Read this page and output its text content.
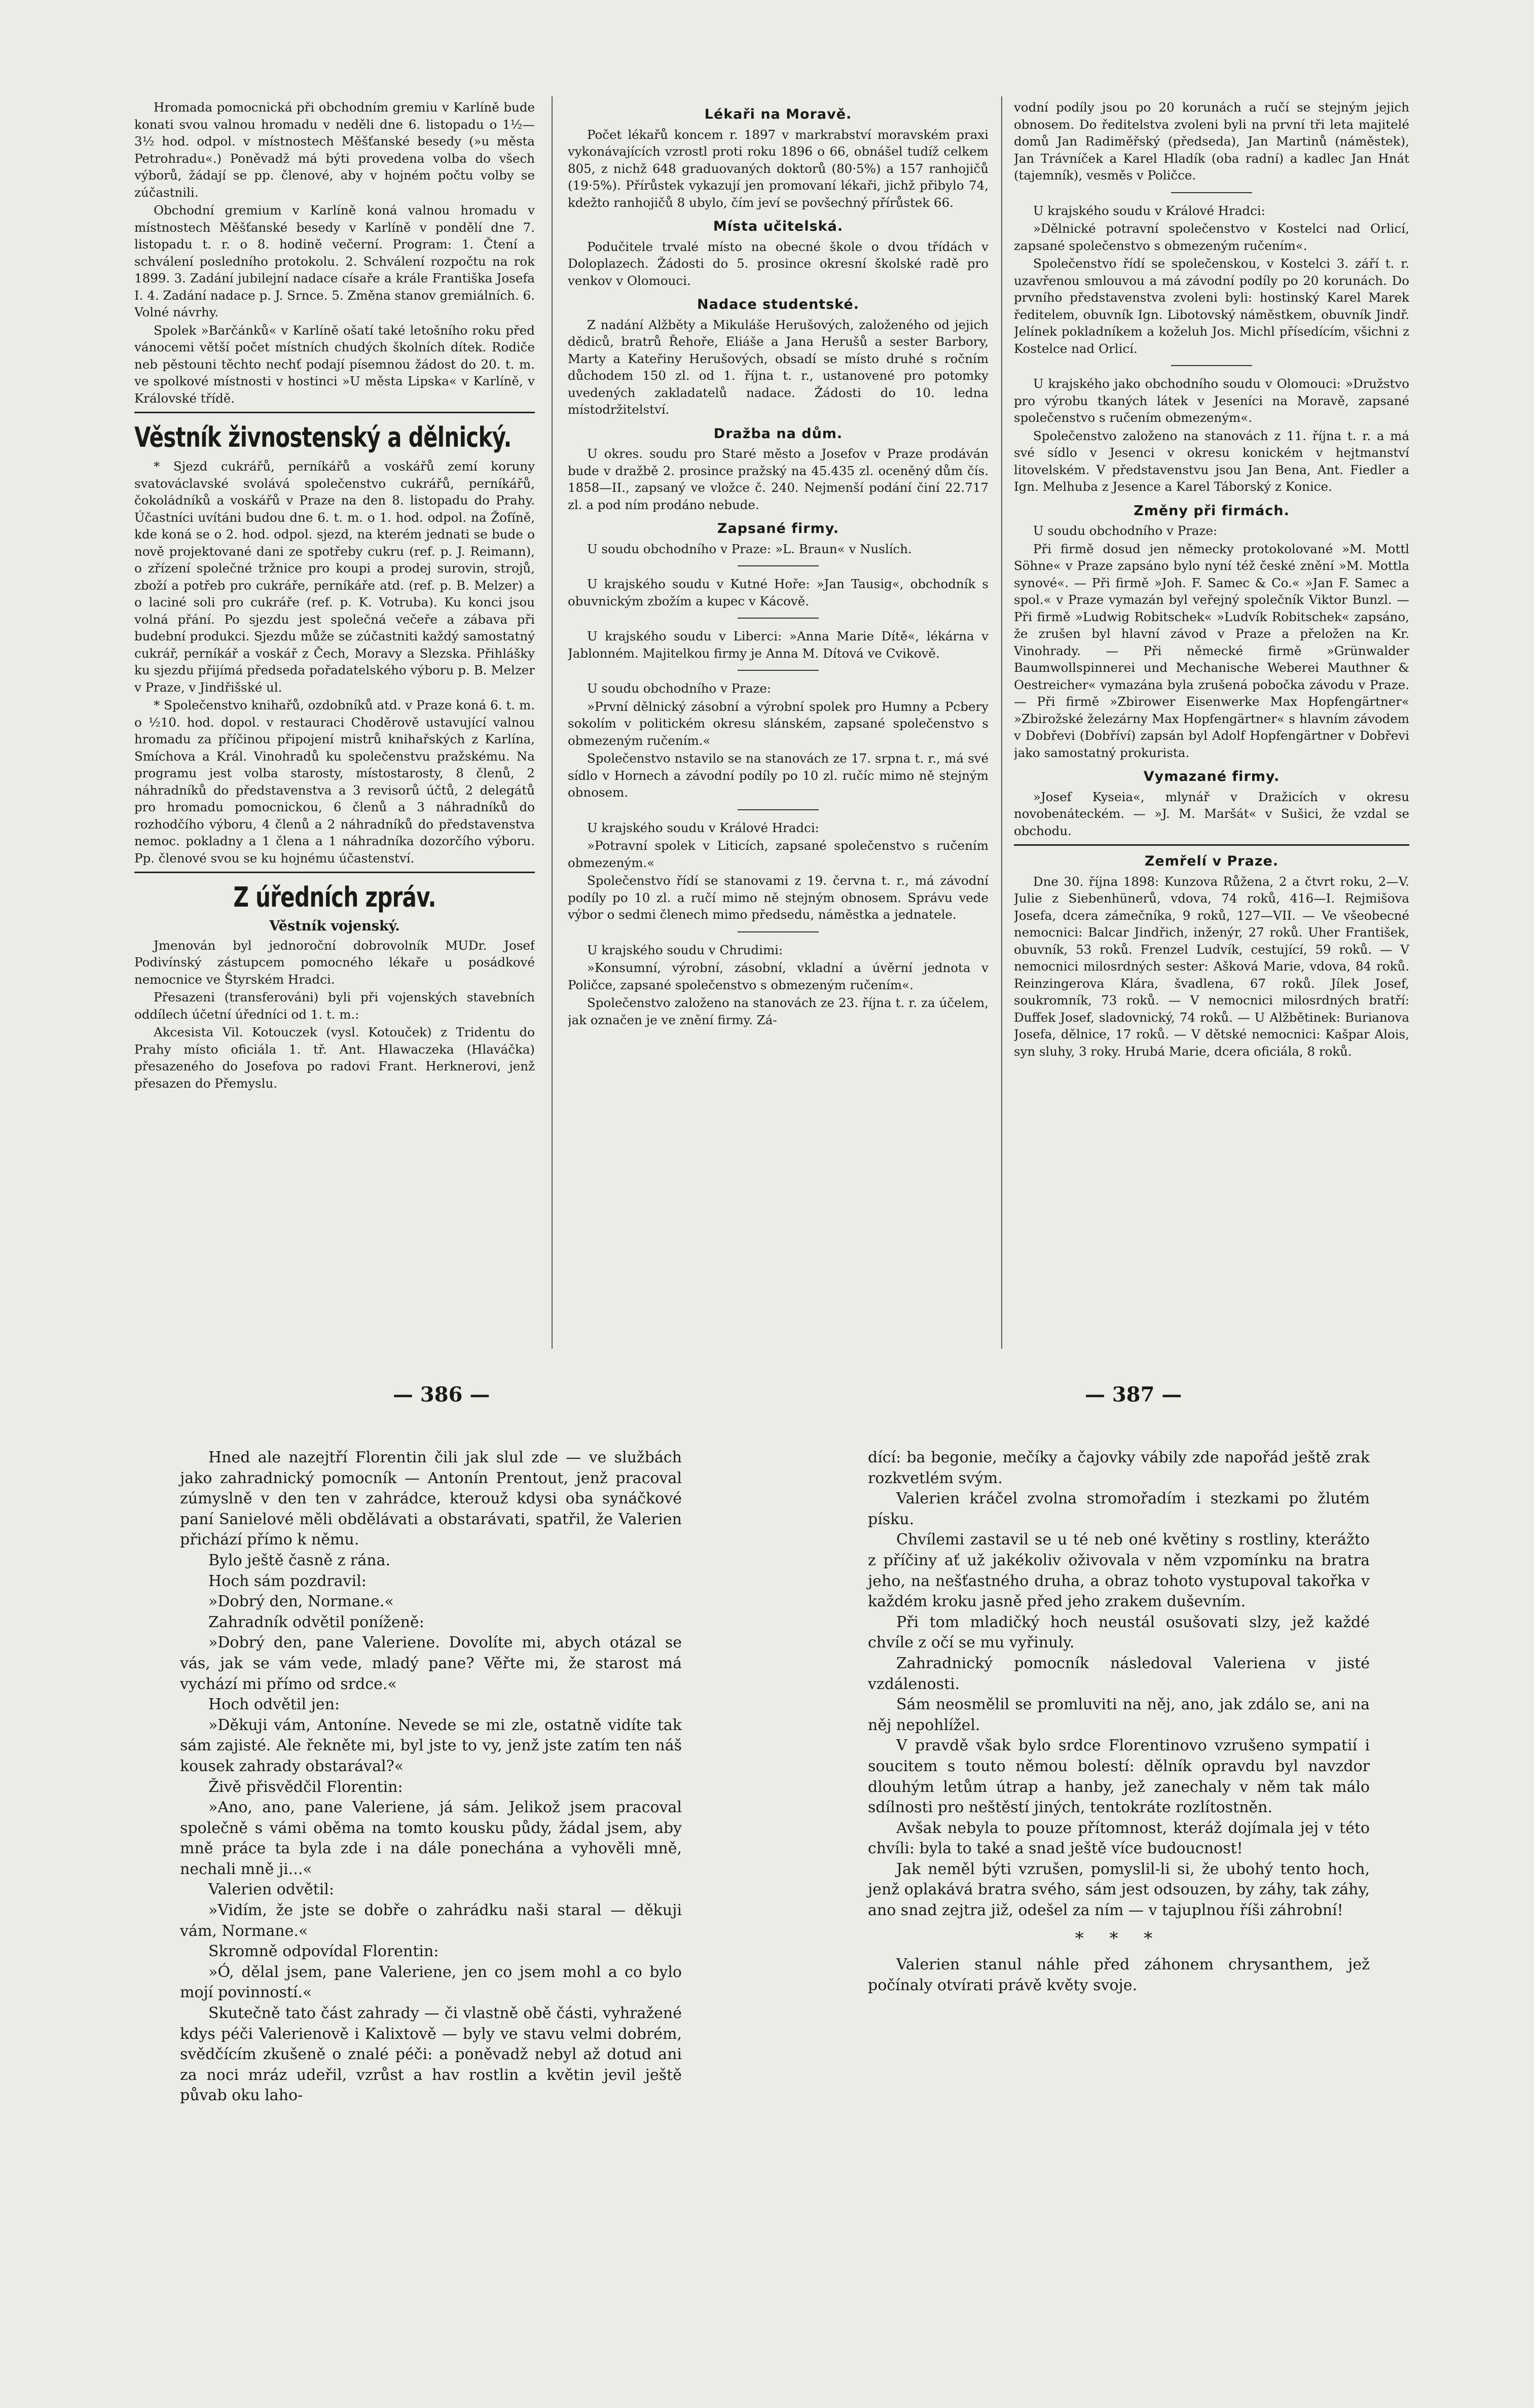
Hromada pomocnická při obchodním gremiu v Karlíně bude konati svou valnou hromadu v neděli dne 6. listopadu o 1½—3½ hod. odpol. v místnostech Měšťanské besedy (»u města Petrohradu«.) Poněvadž má býti provedena volba do všech výborů, žádají se pp. členové, aby v hojném počtu volby se zúčastnili.

Obchodní gremium v Karlíně koná valnou hromadu v místnostech Měšťanské besedy v Karlíně v pondělí dne 7. listopadu t. r. o 8. hodině večerní. Program: 1. Čtení a schválení posledního protokolu. 2. Schválení rozpočtu na rok 1899. 3. Zadání jubilejní nadace císaře a krále Františka Josefa I. 4. Zadání nadace p. J. Srnce. 5. Změna stanov gremiálních. 6. Volné návrhy.

Spolek »Barčánků« v Karlíně ošatí také letošního roku před vánocemi větší počet místních chudých školních dítek. Rodiče neb pěstouni těchto nechť podají písemnou žádost do 20. t. m. ve spolkové místnosti v hostinci »U města Lipska« v Karlíně, v Královské třídě.

Věstník živnostenský a dělnický.

* Sjezd cukrářů, perníkářů a voskářů zemí koruny svatováclavské svolává společenstvo cukrářů, perníkářů, čokoládníků a voskářů v Praze na den 8. listopadu do Prahy. Účastníci uvítáni budou dne 6. t. m. o 1. hod. odpol. na Žofíně, kde koná se o 2. hod. odpol. sjezd, na kterém jednati se bude o nově projektované dani ze spotřeby cukru (ref. p. J. Reimann), o zřízení společné tržnice pro koupi a prodej surovin, strojů, zboží a potřeb pro cukráře, perníkáře atd. (ref. p. B. Melzer) a o laciné soli pro cukráře (ref. p. K. Votruba). Ku konci jsou volná přání. Po sjezdu jest společná večeře a zábava při budební produkci. Sjezdu může se zúčastniti každý samostatný cukrář, perníkář a voskář z Čech, Moravy a Slezska. Přihlášky ku sjezdu přijímá předseda pořadatelského výboru p. B. Melzer v Praze, v Jindřišské ul.

* Společenstvo knihařů, ozdobníků atd. v Praze koná 6. t. m. o ½10. hod. dopol. v restauraci Choděrově ustavující valnou hromadu za příčinou připojení mistrů knihařských z Karlína, Smíchova a Král. Vinohradů ku společenstvu pražskému. Na programu jest volba starosty, místostarosty, 8 členů, 2 náhradníků do představenstva a 3 revisorů účtů, 2 delegátů pro hromadu pomocnickou, 6 členů a 3 náhradníků do rozhodčího výboru, 4 členů a 2 náhradníků do představenstva nemoc. pokladny a 1 člena a 1 náhradníka dozorčího výboru. Pp. členové svou se ku hojnému účastenství.

Z úředních zpráv.
Věstník vojenský.

Jmenován byl jednoroční dobrovolník MUDr. Josef Podivínský zástupcem pomocného lékaře u posádkové nemocnice ve Štyrském Hradci.

Přesazeni (transferováni) byli při vojenských stavebních oddílech účetní úředníci od 1. t. m.:

Akcesista Vil. Kotouczek (vysl. Kotouček) z Tridentu do Prahy místo oficiála 1. tř. Ant. Hlawaczeka (Hlaváčka) přesazeného do Josefova po radovi Frant. Herknerovi, jenž přesazen do Přemyslu.

Lékaři na Moravě.

Počet lékařů koncem r. 1897 v markrabství moravském praxi vykonávajících vzrostl proti roku 1896 o 66, obnášel tudíž celkem 805, z nichž 648 graduovaných doktorů (80·5%) a 157 ranhojičů (19·5%). Přírůstek vykazují jen promovaní lékaři, jichž přibylo 74, kdežto ranhojičů 8 ubylo, čím jeví se povšechný přírůstek 66.

Místa učitelská.

Podučitele trvalé místo na obecné škole o dvou třídách v Doloplazech. Žádosti do 5. prosince okresní školské radě pro venkov v Olomouci.

Nadace studentské.

Z nadání Alžběty a Mikuláše Herušových, založeného od jejich dědiců, bratrů Řehoře, Eliáše a Jana Herušů a sester Barbory, Marty a Kateřiny Herušových, obsadí se místo druhé s ročním důchodem 150 zl. od 1. října t. r., ustanovené pro potomky uvedených zakladatelů nadace. Žádosti do 10. ledna místodržitelství.

Dražba na dům.

U okres. soudu pro Staré město a Josefov v Praze prodáván bude v dražbě 2. prosince pražský na 45.435 zl. oceněný dům čís. 1858—II., zapsaný ve vložce č. 240. Nejmenší podání činí 22.717 zl. a pod ním prodáno nebude.

Zapsané firmy.

U soudu obchodního v Praze: »L. Braun« v Nuslích.

U krajského soudu v Kutné Hoře: »Jan Tausig«, obchodník s obuvnickým zbožím a kupec v Kácově.

U krajského soudu v Liberci: »Anna Marie Dítě«, lékárna v Jablonném. Majitelkou firmy je Anna M. Dítová ve Cvikově.

U soudu obchodního v Praze:

»První dělnický zásobní a výrobní spolek pro Humny a Pcbery sokolím v politickém okresu slánském, zapsané společenstvo s obmezeným ručením.«

Společenstvo nstavilo se na stanovách ze 17. srpna t. r., má své sídlo v Hornech a závodní podíly po 10 zl. ručíc mimo ně stejným obnosem.

U krajského soudu v Králové Hradci:

»Potravní spolek v Liticích, zapsané společenstvo s ručením obmezeným.«

Společenstvo řídí se stanovami z 19. června t. r., má závodní podíly po 10 zl. a ručí mimo ně stejným obnosem. Správu vede výbor o sedmi členech mimo předsedu, náměstka a jednatele.

U krajského soudu v Chrudimi:

»Konsumní, výrobní, zásobní, vkladní a úvěrní jednota v Poličce, zapsané společenstvo s obmezeným ručením«.

Společenstvo založeno na stanovách ze 23. října t. r. za účelem, jak označen je ve znění firmy. Zá-

vodní podíly jsou po 20 korunách a ručí se stejným jejich obnosem. Do ředitelstva zvoleni byli na první tři leta majitelé domů Jan Radiměřský (předseda), Jan Martinů (náměstek), Jan Trávníček a Karel Hladík (oba radní) a kadlec Jan Hnát (tajemník), vesměs v Poličce.

U krajského soudu v Králové Hradci:

»Dělnické potravní společenstvo v Kostelci nad Orlicí, zapsané společenstvo s obmezeným ručením«.

Společenstvo řídí se společenskou, v Kostelci 3. září t. r. uzavřenou smlouvou a má závodní podíly po 20 korunách. Do prvního představenstva zvoleni byli: hostinský Karel Marek ředitelem, obuvník Ign. Libotovský náměstkem, obuvník Jindř. Jelínek pokladníkem a koželuh Jos. Michl přísedícím, všichni z Kostelce nad Orlicí.

U krajského jako obchodního soudu v Olomouci: »Družstvo pro výrobu tkaných látek v Jeseníci na Moravě, zapsané společenstvo s ručením obmezeným«.

Společenstvo založeno na stanovách z 11. října t. r. a má své sídlo v Jesenci v okresu konickém v hejtmanství litovelském. V představenstvu jsou Jan Bena, Ant. Fiedler a Ign. Melhuba z Jesence a Karel Táborský z Konice.

Změny při firmách.

U soudu obchodního v Praze:

Při firmě dosud jen německy protokolované »M. Mottl Söhne« v Praze zapsáno bylo nyní též české znění »M. Mottla synové«. — Při firmě »Joh. F. Samec & Co.« »Jan F. Samec a spol.« v Praze vymazán byl veřejný společník Viktor Bunzl. — Při firmě »Ludwig Robitschek« »Ludvík Robitschek« zapsáno, že zrušen byl hlavní závod v Praze a přeložen na Kr. Vinohrady. — Při německé firmě »Grünwalder Baumwollspinnerei und Mechanische Weberei Mauthner & Oestreicher« vymazána byla zrušená pobočka závodu v Praze. — Při firmě »Zbirower Eisenwerke Max Hopfengärtner« »Zbirožské železárny Max Hopfengärtner« s hlavním závodem v Dobřevi (Dobříví) zapsán byl Adolf Hopfengärtner v Dobřevi jako samostatný prokurista.

Vymazané firmy.

»Josef Kyseia«, mlynář v Dražicích v okresu novobenáteckém. — »J. M. Maršát« v Sušici, že vzdal se obchodu.

Zemřelí v Praze.

Dne 30. října 1898: Kunzova Růžena, 2 a čtvrt roku, 2—V. Julie z Siebenhünerů, vdova, 74 roků, 416—I. Rejmišova Josefa, dcera zámečníka, 9 roků, 127—VII. — Ve všeobecné nemocnici: Balcar Jindřich, inženýr, 27 roků. Uher František, obuvník, 53 roků. Frenzel Ludvík, cestující, 59 roků. — V nemocnici milosrdných sester: Ašková Marie, vdova, 84 roků. Reinzingerova Klára, švadlena, 67 roků. Jílek Josef, soukromník, 73 roků. — V nemocnici milosrdných bratří: Duffek Josef, sladovnický, 74 roků. — U Alžbětinek: Burianova Josefa, dělnice, 17 roků. — V dětské nemocnici: Kašpar Alois, syn sluhy, 3 roky. Hrubá Marie, dcera oficiála, 8 roků.

— 386 —	— 387 —

Hned ale nazejtří Florentin čili jak slul zde — ve službách jako zahradnický pomocník — Antonín Prentout, jenž pracoval zúmyslně v den ten v zahrádce, kterouž kdysi oba synáčkové paní Sanielové měli obdělávati a obstarávati, spatřil, že Valerien přichází přímo k němu.

Bylo ještě časně z rána.

Hoch sám pozdravil:

»Dobrý den, Normane.«

Zahradník odvětil poníženě:

»Dobrý den, pane Valeriene. Dovolíte mi, abych otázal se vás, jak se vám vede, mladý pane? Věřte mi, že starost má vychází mi přímo od srdce.«

Hoch odvětil jen:

»Děkuji vám, Antoníne. Nevede se mi zle, ostatně vidíte tak sám zajisté. Ale řekněte mi, byl jste to vy, jenž jste zatím ten náš kousek zahrady obstarával?«

Živě přisvědčil Florentin:

»Ano, ano, pane Valeriene, já sám. Jelikož jsem pracoval společně s vámi oběma na tomto kousku půdy, žádal jsem, aby mně práce ta byla zde i na dále ponechána a vyhověli mně, nechali mně ji...«

Valerien odvětil:

»Vidím, že jste se dobře o zahrádku naši staral — děkuji vám, Normane.«

Skromně odpovídal Florentin:

»Ó, dělal jsem, pane Valeriene, jen co jsem mohl a co bylo mojí povinností.«

Skutečně tato část zahrady — či vlastně obě části, vyhražené kdys péči Valerienově i Kalixtově — byly ve stavu velmi dobrém, svědčícím zkušeně o znalé péči: a poněvadž nebyl až dotud ani za noci mráz udeřil, vzrůst a hav rostlin a květin jevil ještě půvab oku laho-

dící: ba begonie, mečíky a čajovky vábily zde napořád ještě zrak rozkvetlém svým.

Valerien kráčel zvolna stromořadím i stezkami po žlutém písku.

Chvílemi zastavil se u té neb oné květiny s rostliny, kterážto z příčiny ať už jakékoliv oživovala v něm vzpomínku na bratra jeho, na nešťastného druha, a obraz tohoto vystupoval takořka v každém kroku jasně před jeho zrakem duševním.

Při tom mladičký hoch neustál osušovati slzy, jež každé chvíle z očí se mu vyřinuly.

Zahradnický pomocník následoval Valeriena v jisté vzdálenosti.

Sám neosmělil se promluviti na něj, ano, jak zdálo se, ani na něj nepohlížel.

V pravdě však bylo srdce Florentinovo vzrušeno sympatií i soucitem s touto němou bolestí: dělník opravdu byl navzdor dlouhým letům útrap a hanby, jež zanechaly v něm tak málo sdílnosti pro neštěstí jiných, tentokráte rozlítostněn.

Avšak nebyla to pouze přítomnost, kteráž dojímala jej v této chvíli: byla to také a snad ještě více budoucnost!

Jak neměl býti vzrušen, pomyslil-li si, že ubohý tento hoch, jenž oplakává bratra svého, sám jest odsouzen, by záhy, tak záhy, ano snad zejtra již, odešel za ním — v tajuplnou říši záhrobní!

* * *

Valerien stanul náhle před záhonem chrysanthem, jež počínaly otvírati právě květy svoje.
